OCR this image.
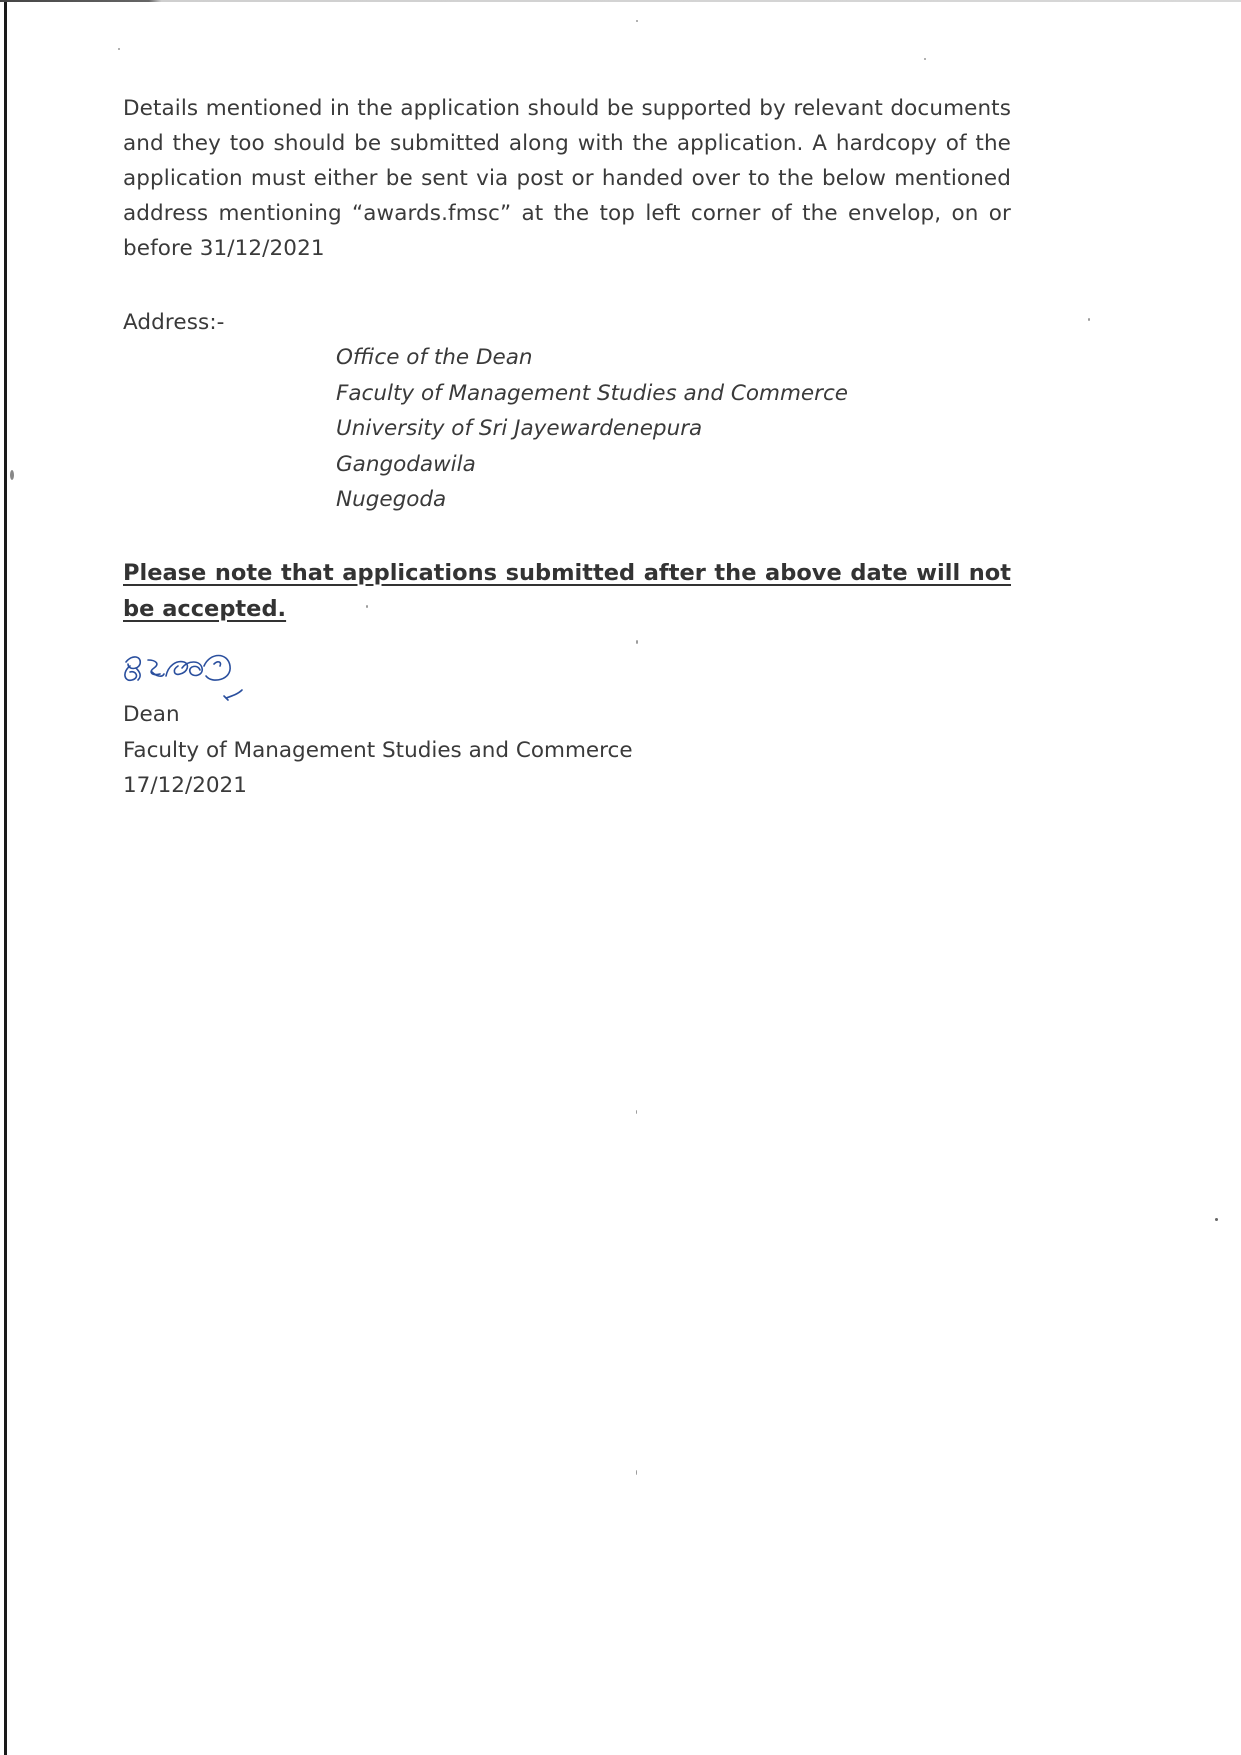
Details mentioned in the application should be supported by relevant documents and they too should be submitted along with the application. A hardcopy of the application must either be sent via post or handed over to the below mentioned address mentioning “awards.fmsc” at the top left corner of the envelop, on or before 31/12/2021

Address:-
Office of the Dean
Faculty of Management Studies and Commerce
University of Sri Jayewardenepura
Gangodawila
Nugegoda

Please note that applications submitted after the above date will not be accepted.

Dean
Faculty of Management Studies and Commerce
17/12/2021
